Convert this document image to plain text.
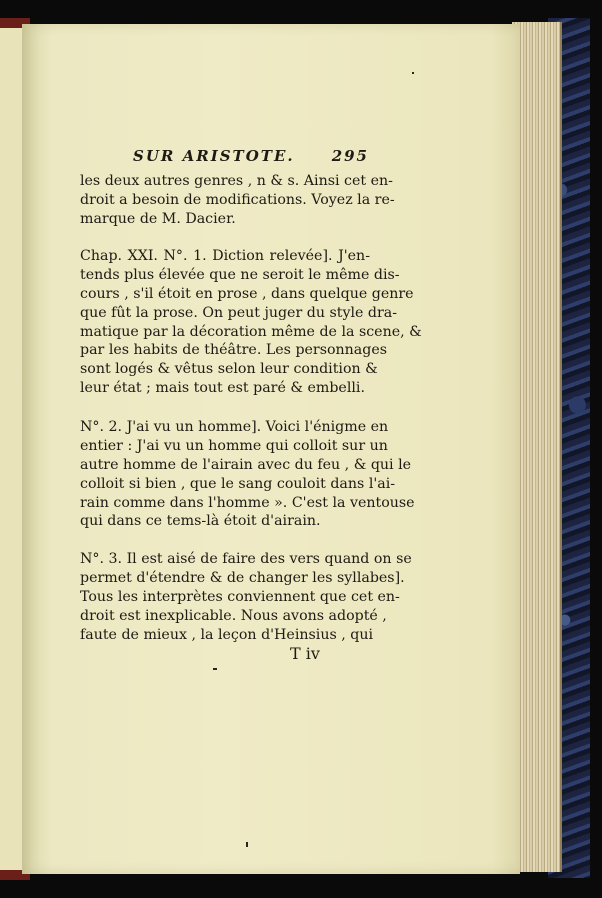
SUR ARISTOTE. 295
les deux autres genres , n & s. Ainsi cet en-
droit a besoin de modifications. Voyez la re-
marque de M. Dacier.
Chap. XXI. N°. 1. Diction relevée]. J'en-
tends plus élevée que ne seroit le même dis-
cours , s'il étoit en prose , dans quelque genre
que fût la prose. On peut juger du style dra-
matique par la décoration même de la scene, &
par les habits de théâtre. Les personnages
sont logés & vêtus selon leur condition &
leur état ; mais tout est paré & embelli.
N°. 2. J'ai vu un homme]. Voici l'énigme en
entier : J'ai vu un homme qui colloit sur un
autre homme de l'airain avec du feu , & qui le
colloit si bien , que le sang couloit dans l'ai-
rain comme dans l'homme ». C'est la ventouse
qui dans ce tems-là étoit d'airain.
N°. 3. Il est aisé de faire des vers quand on se
permet d'étendre & de changer les syllabes].
Tous les interprètes conviennent que cet en-
droit est inexplicable. Nous avons adopté ,
faute de mieux , la leçon d'Heinsius , qui
T iv
